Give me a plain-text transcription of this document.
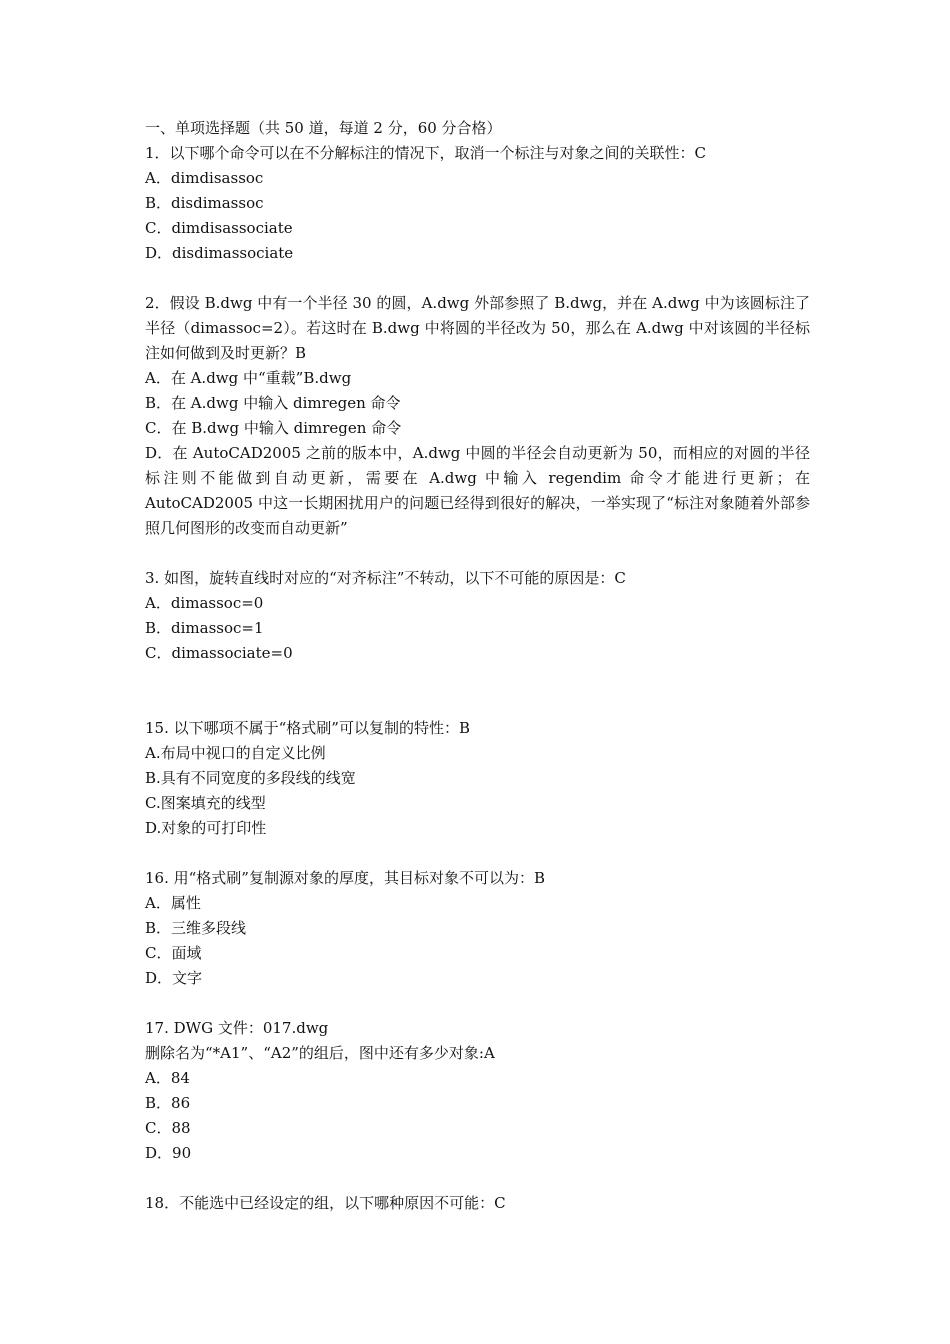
一、单项选择题（共 50 道，每道 2 分，60 分合格）

1．以下哪个命令可以在不分解标注的情况下，取消一个标注与对象之间的关联性：C

A．dimdisassoc

B．disdimassoc

C．dimdisassociate

D．disdimassociate

2．假设 B.dwg 中有一个半径 30 的圆，A.dwg 外部参照了 B.dwg，并在 A.dwg 中为该圆标注了半径（dimassoc=2）。若这时在 B.dwg 中将圆的半径改为 50，那么在 A.dwg 中对该圆的半径标注如何做到及时更新？B

A．在 A.dwg 中“重载”B.dwg

B．在 A.dwg 中输入 dimregen 命令

C．在 B.dwg 中输入 dimregen 命令

D．在 AutoCAD2005 之前的版本中，A.dwg 中圆的半径会自动更新为 50，而相应的对圆的半径标注则不能做到自动更新，需要在 A.dwg 中输入 regendim 命令才能进行更新；在 AutoCAD2005 中这一长期困扰用户的问题已经得到很好的解决，一举实现了“标注对象随着外部参照几何图形的改变而自动更新”

3. 如图，旋转直线时对应的“对齐标注”不转动，以下不可能的原因是：C

A．dimassoc=0

B．dimassoc=1

C．dimassociate=0

15. 以下哪项不属于“格式刷”可以复制的特性：B

A.布局中视口的自定义比例

B.具有不同宽度的多段线的线宽

C.图案填充的线型

D.对象的可打印性

16. 用“格式刷”复制源对象的厚度，其目标对象不可以为：B

A．属性

B．三维多段线

C．面域

D．文字

17. DWG 文件：017.dwg

删除名为“*A1”、“A2”的组后，图中还有多少对象:A

A．84

B．86

C．88

D．90

18．不能选中已经设定的组，以下哪种原因不可能：C
